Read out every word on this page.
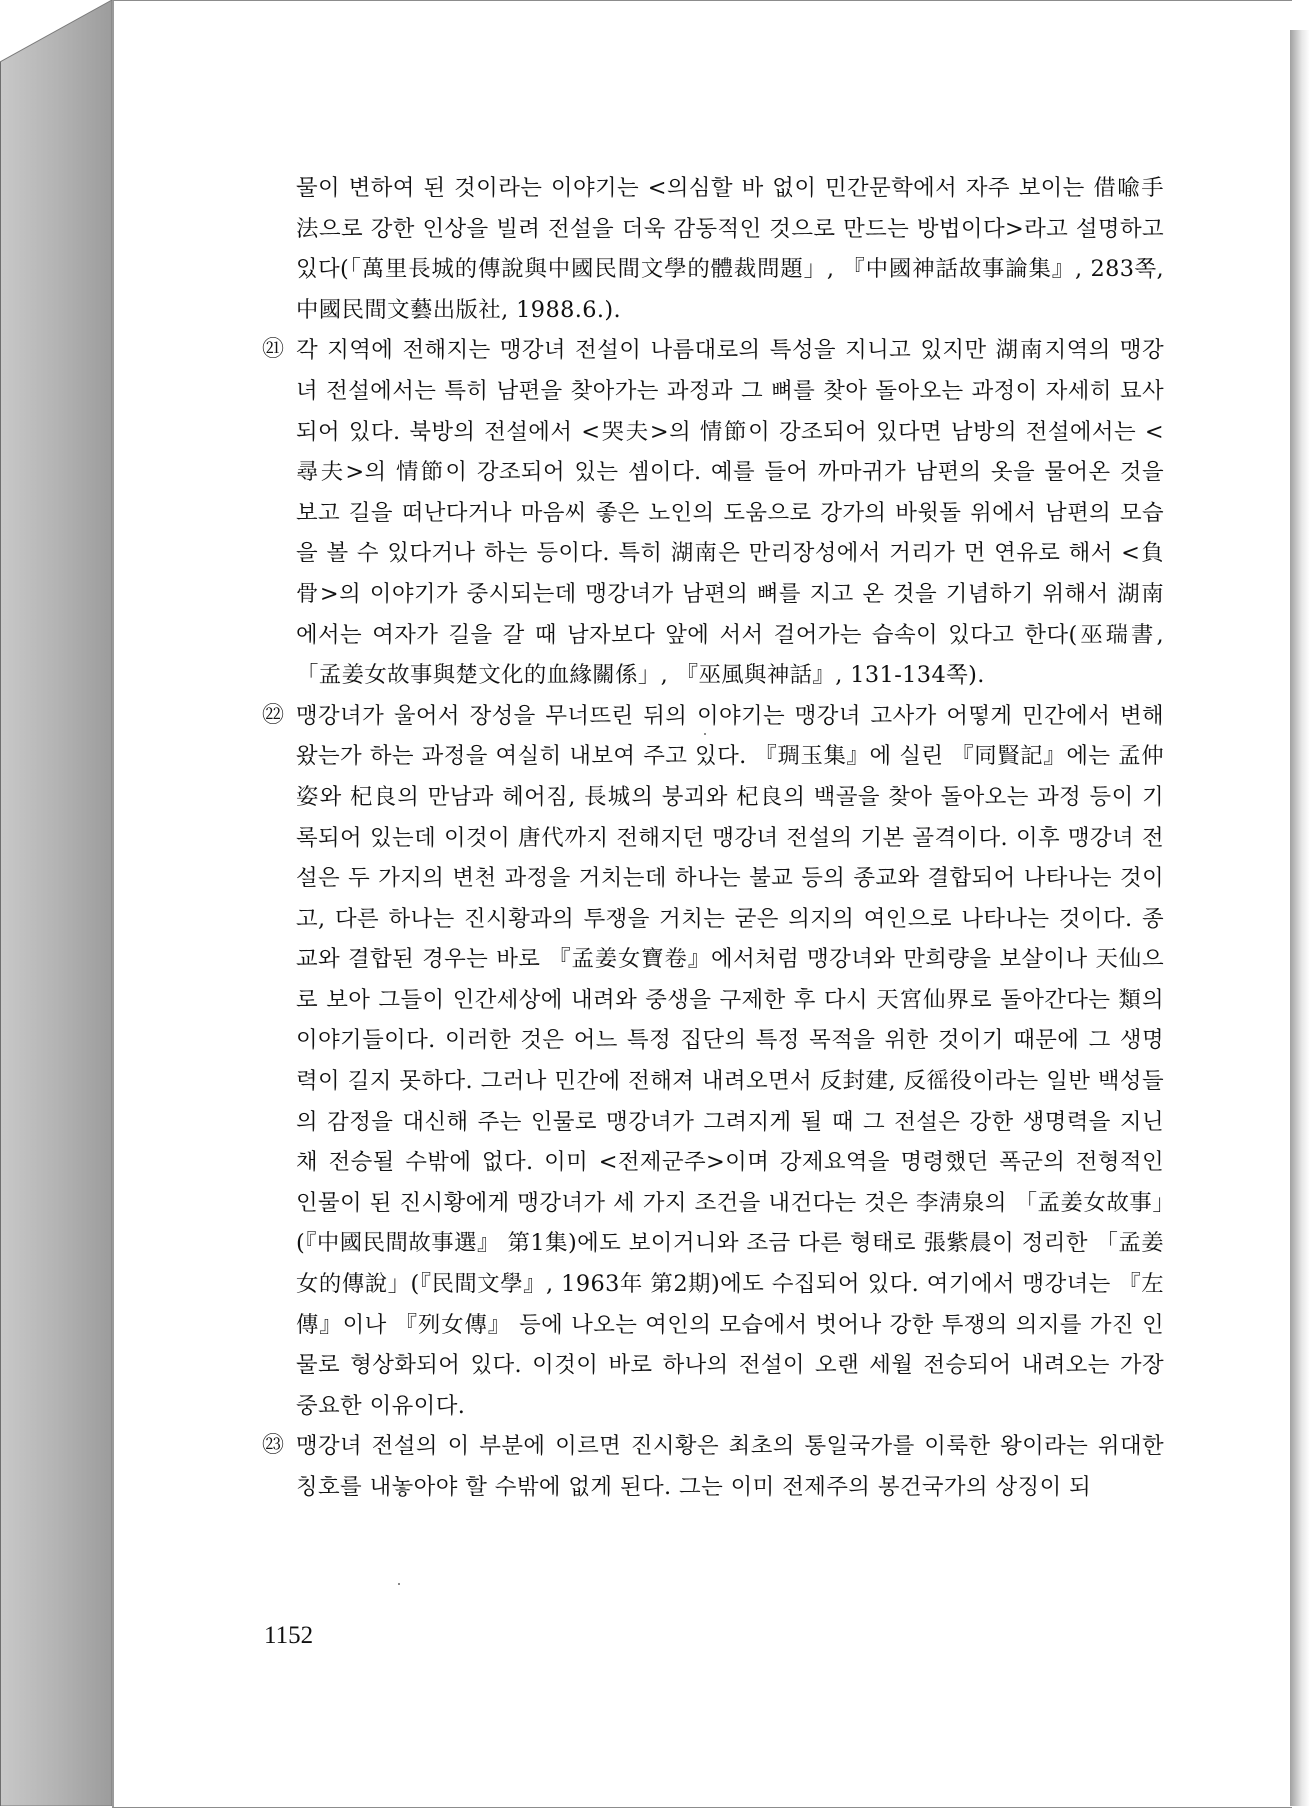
물이 변하여 된 것이라는 이야기는 <의심할 바 없이 민간문학에서 자주 보이는 借喩手法으로 강한 인상을 빌려 전설을 더욱 감동적인 것으로 만드는 방법이다>라고 설명하고 있다(「萬里長城的傳說與中國民間文學的體裁問題」, 『中國神話故事論集』, 283쪽, 中國民間文藝出版社, 1988.6.).

㉑ 각 지역에 전해지는 맹강녀 전설이 나름대로의 특성을 지니고 있지만 湖南지역의 맹강녀 전설에서는 특히 남편을 찾아가는 과정과 그 뼈를 찾아 돌아오는 과정이 자세히 묘사되어 있다. 북방의 전설에서 <哭夫>의 情節이 강조되어 있다면 남방의 전설에서는 <尋夫>의 情節이 강조되어 있는 셈이다. 예를 들어 까마귀가 남편의 옷을 물어온 것을 보고 길을 떠난다거나 마음씨 좋은 노인의 도움으로 강가의 바윗돌 위에서 남편의 모습을 볼 수 있다거나 하는 등이다. 특히 湖南은 만리장성에서 거리가 먼 연유로 해서 <負骨>의 이야기가 중시되는데 맹강녀가 남편의 뼈를 지고 온 것을 기념하기 위해서 湖南에서는 여자가 길을 갈 때 남자보다 앞에 서서 걸어가는 습속이 있다고 한다(巫瑞書, 「孟姜女故事與楚文化的血緣關係」, 『巫風與神話』, 131-134쪽).

㉒ 맹강녀가 울어서 장성을 무너뜨린 뒤의 이야기는 맹강녀 고사가 어떻게 민간에서 변해왔는가 하는 과정을 여실히 내보여 주고 있다. 『琱玉集』에 실린 『同賢記』에는 孟仲姿와 杞良의 만남과 헤어짐, 長城의 붕괴와 杞良의 백골을 찾아 돌아오는 과정 등이 기록되어 있는데 이것이 唐代까지 전해지던 맹강녀 전설의 기본 골격이다. 이후 맹강녀 전설은 두 가지의 변천 과정을 거치는데 하나는 불교 등의 종교와 결합되어 나타나는 것이고, 다른 하나는 진시황과의 투쟁을 거치는 굳은 의지의 여인으로 나타나는 것이다. 종교와 결합된 경우는 바로 『孟姜女寶卷』에서처럼 맹강녀와 만희량을 보살이나 天仙으로 보아 그들이 인간세상에 내려와 중생을 구제한 후 다시 天宮仙界로 돌아간다는 類의 이야기들이다. 이러한 것은 어느 특정 집단의 특정 목적을 위한 것이기 때문에 그 생명력이 길지 못하다. 그러나 민간에 전해져 내려오면서 反封建, 反徭役이라는 일반 백성들의 감정을 대신해 주는 인물로 맹강녀가 그려지게 될 때 그 전설은 강한 생명력을 지닌 채 전승될 수밖에 없다. 이미 <전제군주>이며 강제요역을 명령했던 폭군의 전형적인 인물이 된 진시황에게 맹강녀가 세 가지 조건을 내건다는 것은 李淸泉의 「孟姜女故事」(『中國民間故事選』 第1集)에도 보이거니와 조금 다른 형태로 張紫晨이 정리한 「孟姜女的傳說」(『民間文學』, 1963年 第2期)에도 수집되어 있다. 여기에서 맹강녀는 『左傳』이나 『列女傳』 등에 나오는 여인의 모습에서 벗어나 강한 투쟁의 의지를 가진 인물로 형상화되어 있다. 이것이 바로 하나의 전설이 오랜 세월 전승되어 내려오는 가장 중요한 이유이다.

㉓ 맹강녀 전설의 이 부분에 이르면 진시황은 최초의 통일국가를 이룩한 왕이라는 위대한 칭호를 내놓아야 할 수밖에 없게 된다. 그는 이미 전제주의 봉건국가의 상징이 되

1152
